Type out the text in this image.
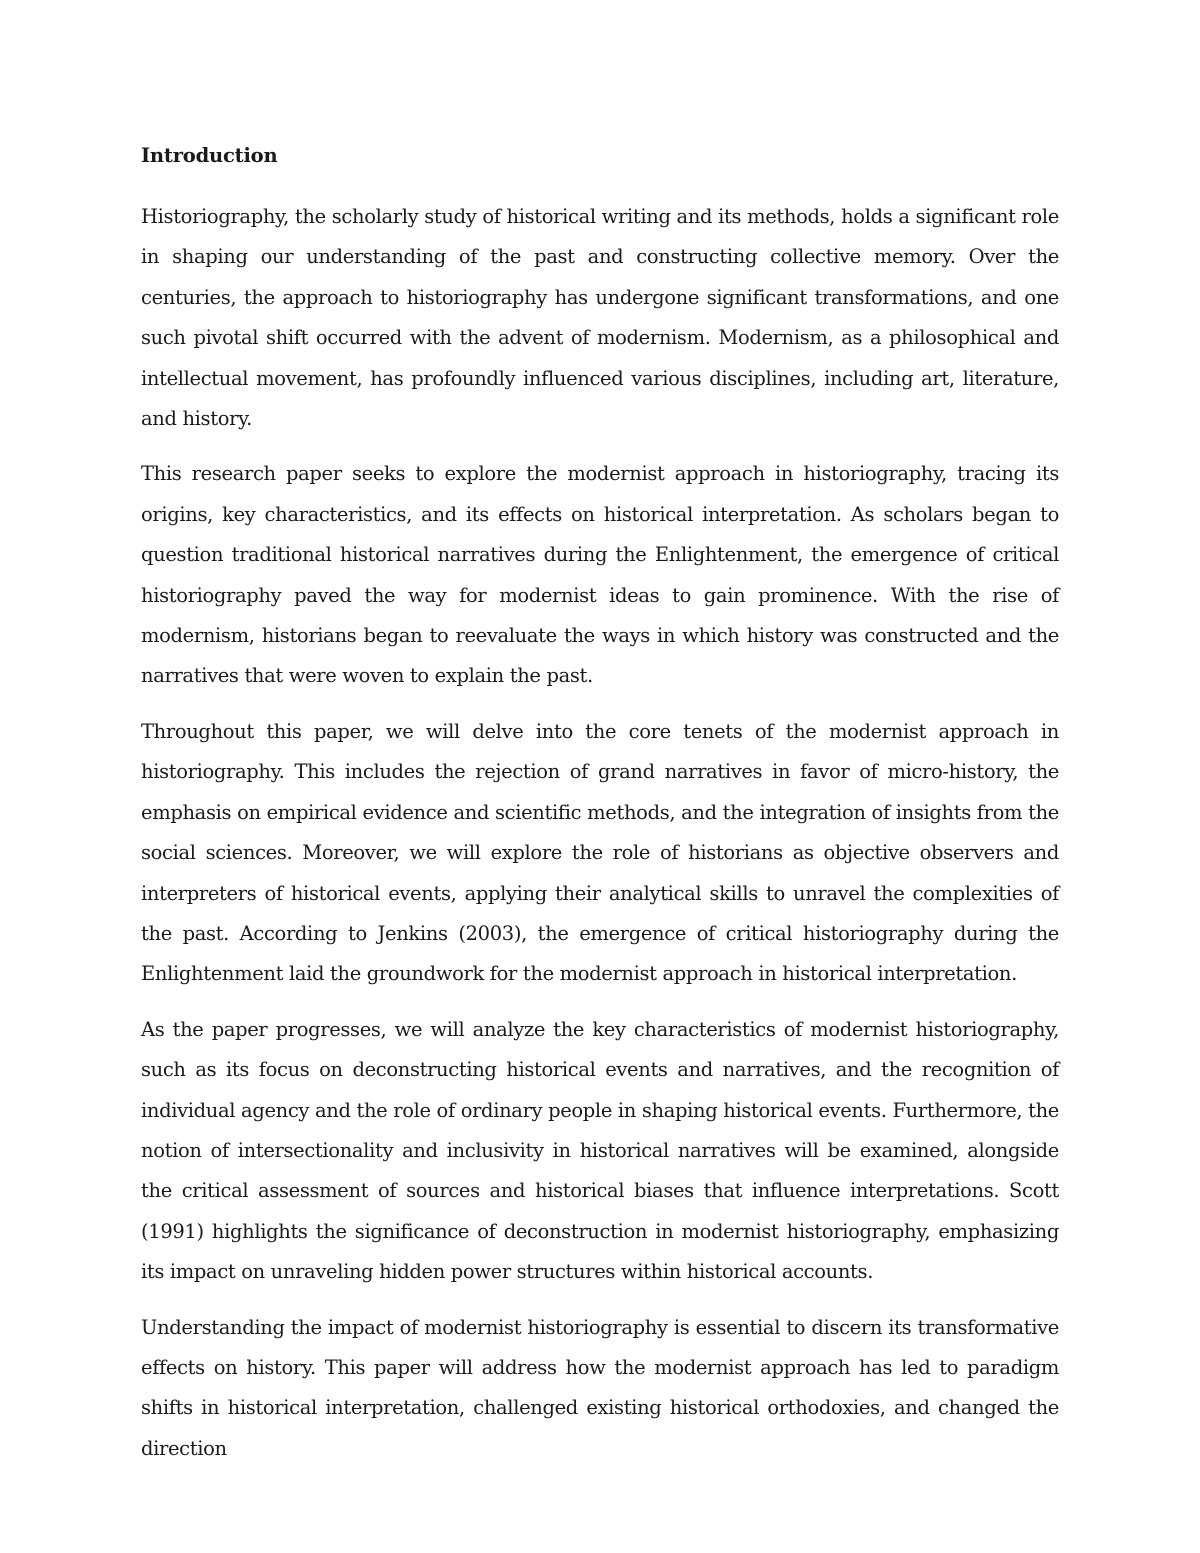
Introduction

Historiography, the scholarly study of historical writing and its methods, holds a significant role in shaping our understanding of the past and constructing collective memory. Over the centuries, the approach to historiography has undergone significant transformations, and one such pivotal shift occurred with the advent of modernism. Modernism, as a philosophical and intellectual movement, has profoundly influenced various disciplines, including art, literature, and history.

This research paper seeks to explore the modernist approach in historiography, tracing its origins, key characteristics, and its effects on historical interpretation. As scholars began to question traditional historical narratives during the Enlightenment, the emergence of critical historiography paved the way for modernist ideas to gain prominence. With the rise of modernism, historians began to reevaluate the ways in which history was constructed and the narratives that were woven to explain the past.

Throughout this paper, we will delve into the core tenets of the modernist approach in historiography. This includes the rejection of grand narratives in favor of micro-history, the emphasis on empirical evidence and scientific methods, and the integration of insights from the social sciences. Moreover, we will explore the role of historians as objective observers and interpreters of historical events, applying their analytical skills to unravel the complexities of the past. According to Jenkins (2003), the emergence of critical historiography during the Enlightenment laid the groundwork for the modernist approach in historical interpretation.

As the paper progresses, we will analyze the key characteristics of modernist historiography, such as its focus on deconstructing historical events and narratives, and the recognition of individual agency and the role of ordinary people in shaping historical events. Furthermore, the notion of intersectionality and inclusivity in historical narratives will be examined, alongside the critical assessment of sources and historical biases that influence interpretations. Scott (1991) highlights the significance of deconstruction in modernist historiography, emphasizing its impact on unraveling hidden power structures within historical accounts.

Understanding the impact of modernist historiography is essential to discern its transformative effects on history. This paper will address how the modernist approach has led to paradigm shifts in historical interpretation, challenged existing historical orthodoxies, and changed the direction
